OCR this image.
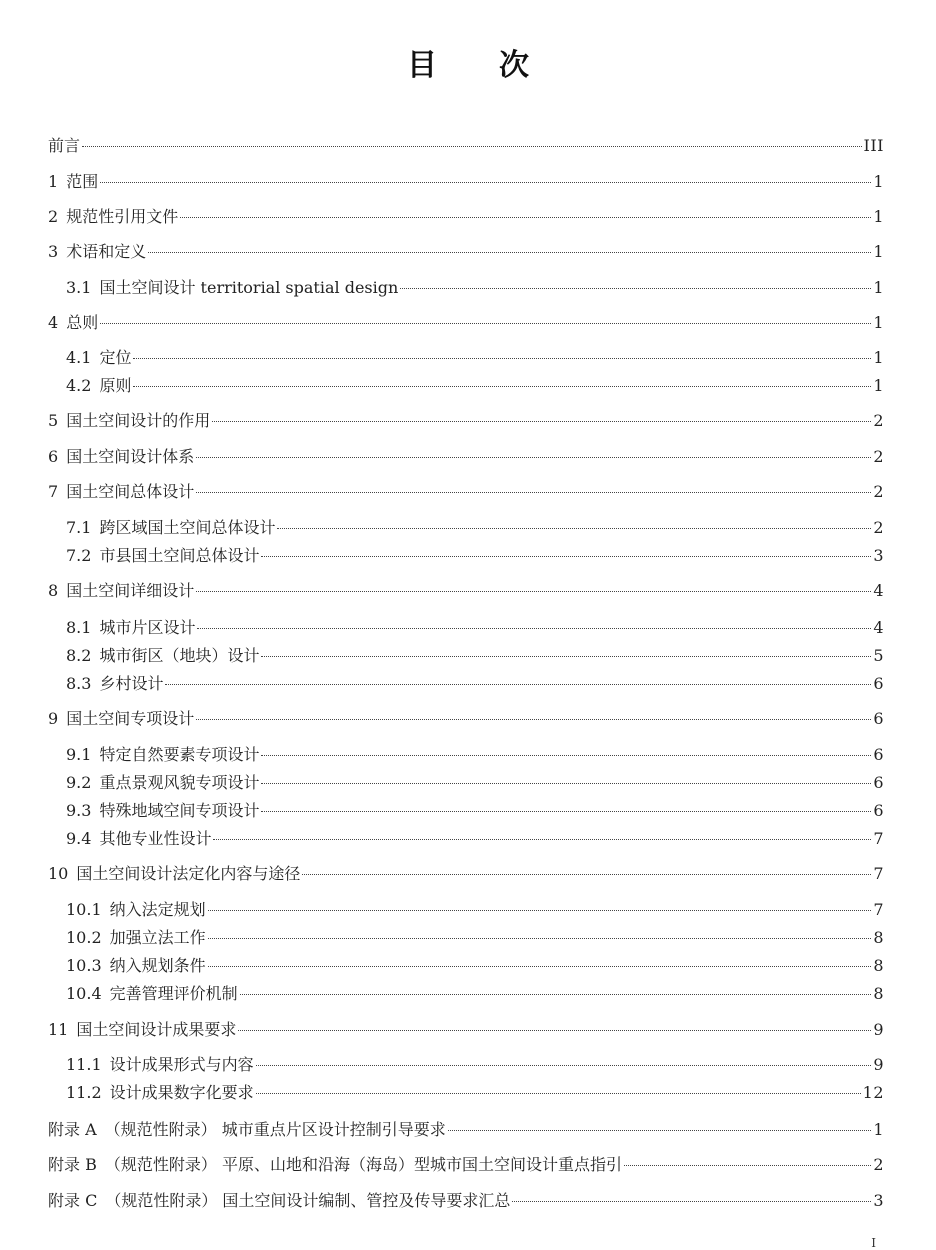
目 次
前言	III
1 范围	1
2 规范性引用文件	1
3 术语和定义	1
3.1 国土空间设计 territorial spatial design	1
4 总则	1
4.1 定位	1
4.2 原则	1
5 国土空间设计的作用	2
6 国土空间设计体系	2
7 国土空间总体设计	2
7.1 跨区域国土空间总体设计	2
7.2 市县国土空间总体设计	3
8 国土空间详细设计	4
8.1 城市片区设计	4
8.2 城市街区（地块）设计	5
8.3 乡村设计	6
9 国土空间专项设计	6
9.1 特定自然要素专项设计	6
9.2 重点景观风貌专项设计	6
9.3 特殊地域空间专项设计	6
9.4 其他专业性设计	7
10 国土空间设计法定化内容与途径	7
10.1 纳入法定规划	7
10.2 加强立法工作	8
10.3 纳入规划条件	8
10.4 完善管理评价机制	8
11 国土空间设计成果要求	9
11.1 设计成果形式与内容	9
11.2 设计成果数字化要求	12
附录 A （规范性附录） 城市重点片区设计控制引导要求	1
附录 B （规范性附录） 平原、山地和沿海（海岛）型城市国土空间设计重点指引	2
附录 C （规范性附录） 国土空间设计编制、管控及传导要求汇总	3
I
